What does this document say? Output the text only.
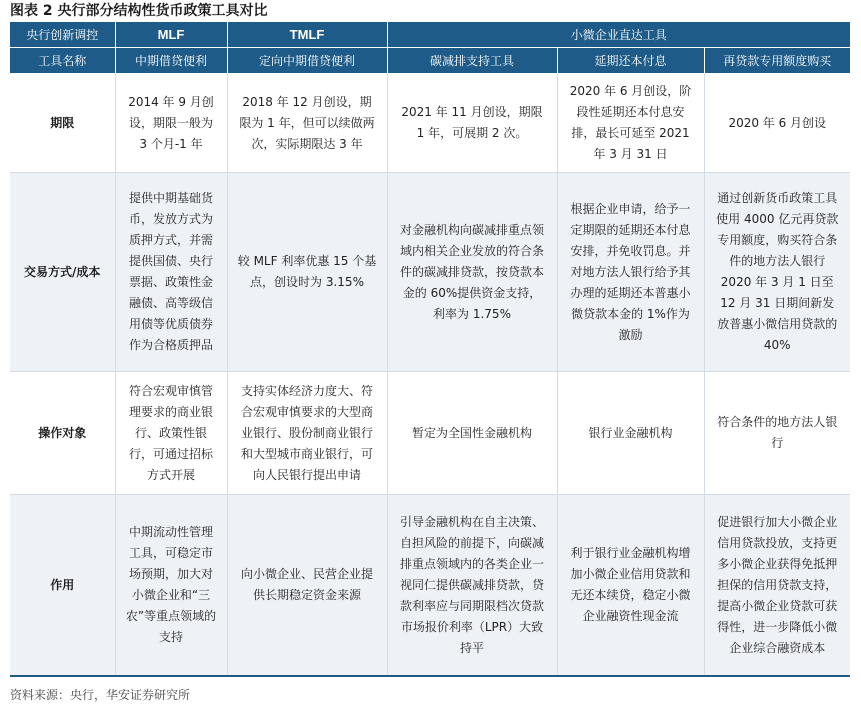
图表 2 央行部分结构性货币政策工具对比
央行创新调控	MLF	TMLF	小微企业直达工具		
工具名称	中期借贷便利	定向中期借贷便利	碳减排支持工具	延期还本付息	再贷款专用额度购买
期限	2014 年 9 月创设，期限一般为 3 个月-1 年	2018 年 12 月创设，期限为 1 年，但可以续做两次，实际期限达 3 年	2021 年 11 月创设，期限 1 年，可展期 2 次。	2020 年 6 月创设，阶段性延期还本付息安排，最长可延至 2021 年 3 月 31 日	2020 年 6 月创设
交易方式/成本	提供中期基础货币，发放方式为质押方式，并需提供国债、央行票据、政策性金融债、高等级信用债等优质债券作为合格质押品	较 MLF 利率优惠 15 个基点，创设时为 3.15%	对金融机构向碳减排重点领域内相关企业发放的符合条件的碳减排贷款，按贷款本金的 60%提供资金支持，利率为 1.75%	根据企业申请，给予一定期限的延期还本付息安排，并免收罚息。并对地方法人银行给予其办理的延期还本普惠小微贷款本金的 1%作为激励	通过创新货币政策工具使用 4000 亿元再贷款专用额度，购买符合条件的地方法人银行 2020 年 3 月 1 日至 12 月 31 日期间新发放普惠小微信用贷款的 40%
操作对象	符合宏观审慎管理要求的商业银行、政策性银行，可通过招标方式开展	支持实体经济力度大、符合宏观审慎要求的大型商业银行、股份制商业银行和大型城市商业银行，可向人民银行提出申请	暂定为全国性金融机构	银行业金融机构	符合条件的地方法人银行
作用	中期流动性管理工具，可稳定市场预期，加大对小微企业和“三农”等重点领域的支持	向小微企业、民营企业提供长期稳定资金来源	引导金融机构在自主决策、自担风险的前提下，向碳减排重点领域内的各类企业一视同仁提供碳减排贷款，贷款利率应与同期限档次贷款市场报价利率（LPR）大致持平	利于银行业金融机构增加小微企业信用贷款和无还本续贷，稳定小微企业融资性现金流	促进银行加大小微企业信用贷款投放，支持更多小微企业获得免抵押担保的信用贷款支持，提高小微企业贷款可获得性，进一步降低小微企业综合融资成本
资料来源：央行，华安证券研究所
